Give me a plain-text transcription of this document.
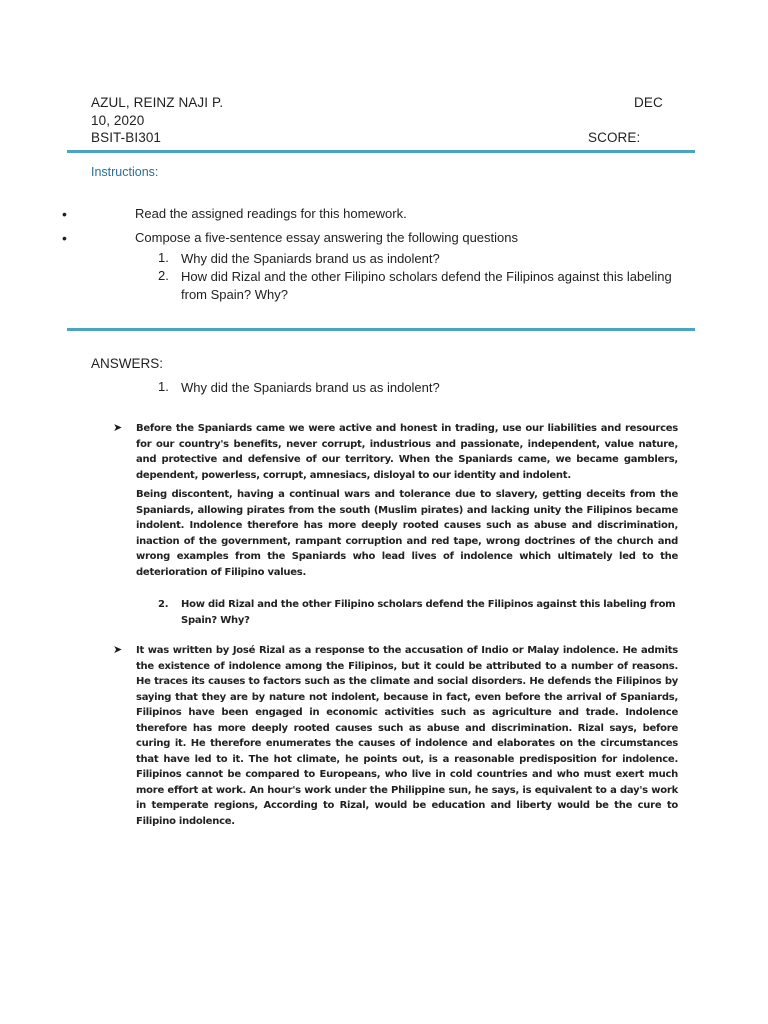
AZUL, REINZ NAJI P.	DEC
10, 2020
BSIT-BI301	SCORE:
Instructions:
•	Read the assigned readings for this homework.
•	Compose a five-sentence essay answering the following questions
1. Why did the Spaniards brand us as indolent?
2. How did Rizal and the other Filipino scholars defend the Filipinos against this labeling from Spain? Why?
ANSWERS:
1. Why did the Spaniards brand us as indolent?
➤ Before the Spaniards came we were active and honest in trading, use our liabilities and resources for our country's benefits, never corrupt, industrious and passionate, independent, value nature, and protective and defensive of our territory. When the Spaniards came, we became gamblers, dependent, powerless, corrupt, amnesiacs, disloyal to our identity and indolent.
Being discontent, having a continual wars and tolerance due to slavery, getting deceits from the Spaniards, allowing pirates from the south (Muslim pirates) and lacking unity the Filipinos became indolent. Indolence therefore has more deeply rooted causes such as abuse and discrimination, inaction of the government, rampant corruption and red tape, wrong doctrines of the church and wrong examples from the Spaniards who lead lives of indolence which ultimately led to the deterioration of Filipino values.
2. How did Rizal and the other Filipino scholars defend the Filipinos against this labeling from Spain? Why?
➤ It was written by José Rizal as a response to the accusation of Indio or Malay indolence. He admits the existence of indolence among the Filipinos, but it could be attributed to a number of reasons. He traces its causes to factors such as the climate and social disorders. He defends the Filipinos by saying that they are by nature not indolent, because in fact, even before the arrival of Spaniards, Filipinos have been engaged in economic activities such as agriculture and trade. Indolence therefore has more deeply rooted causes such as abuse and discrimination. Rizal says, before curing it. He therefore enumerates the causes of indolence and elaborates on the circumstances that have led to it. The hot climate, he points out, is a reasonable predisposition for indolence. Filipinos cannot be compared to Europeans, who live in cold countries and who must exert much more effort at work. An hour's work under the Philippine sun, he says, is equivalent to a day's work in temperate regions, According to Rizal, would be education and liberty would be the cure to Filipino indolence.
